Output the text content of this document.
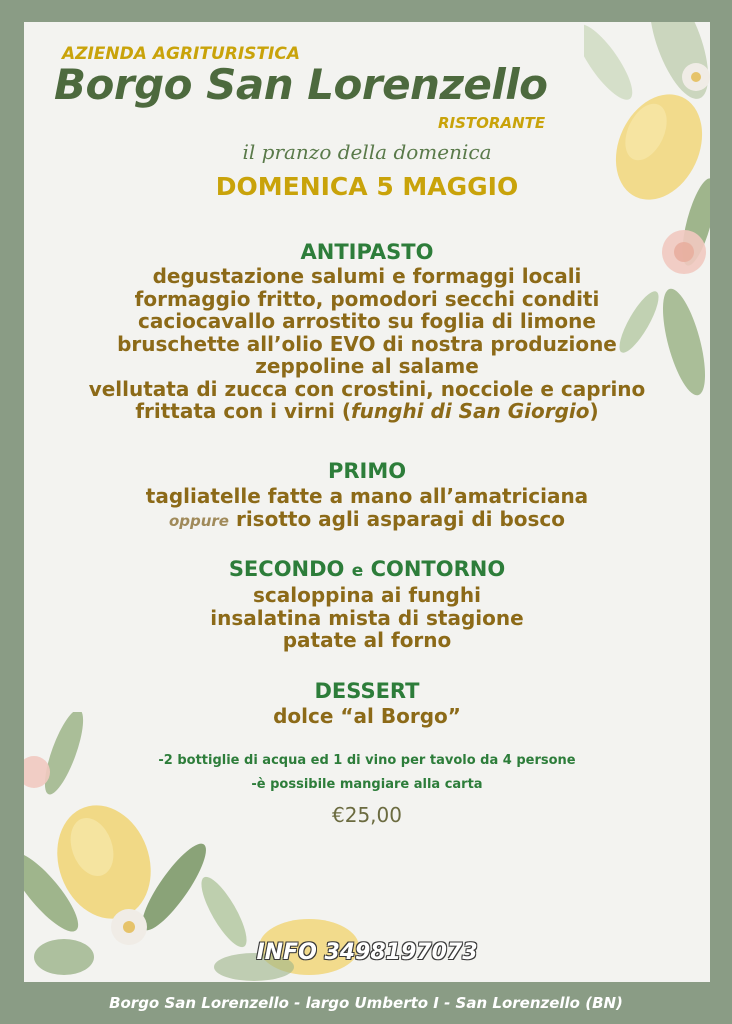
AZIENDA AGRITURISTICA
Borgo San Lorenzello
RISTORANTE
il pranzo della domenica
DOMENICA 5 MAGGIO
ANTIPASTO
degustazione salumi e formaggi locali
formaggio fritto, pomodori secchi conditi
caciocavallo arrostito su foglia di limone
bruschette all’olio EVO di nostra produzione
zeppoline al salame
vellutata di zucca con crostini, nocciole e caprino
frittata con i virni (funghi di San Giorgio)
PRIMO
tagliatelle fatte a mano all’amatriciana
oppure risotto agli asparagi di bosco
SECONDO e CONTORNO
scaloppina ai funghi
insalatina mista di stagione
patate al forno
DESSERT
dolce “al Borgo”
-2 bottiglie di acqua ed 1 di vino per tavolo da 4 persone
-è possibile mangiare alla carta
€25,00
INFO 3498197073
Borgo San Lorenzello - largo Umberto I - San Lorenzello (BN)
